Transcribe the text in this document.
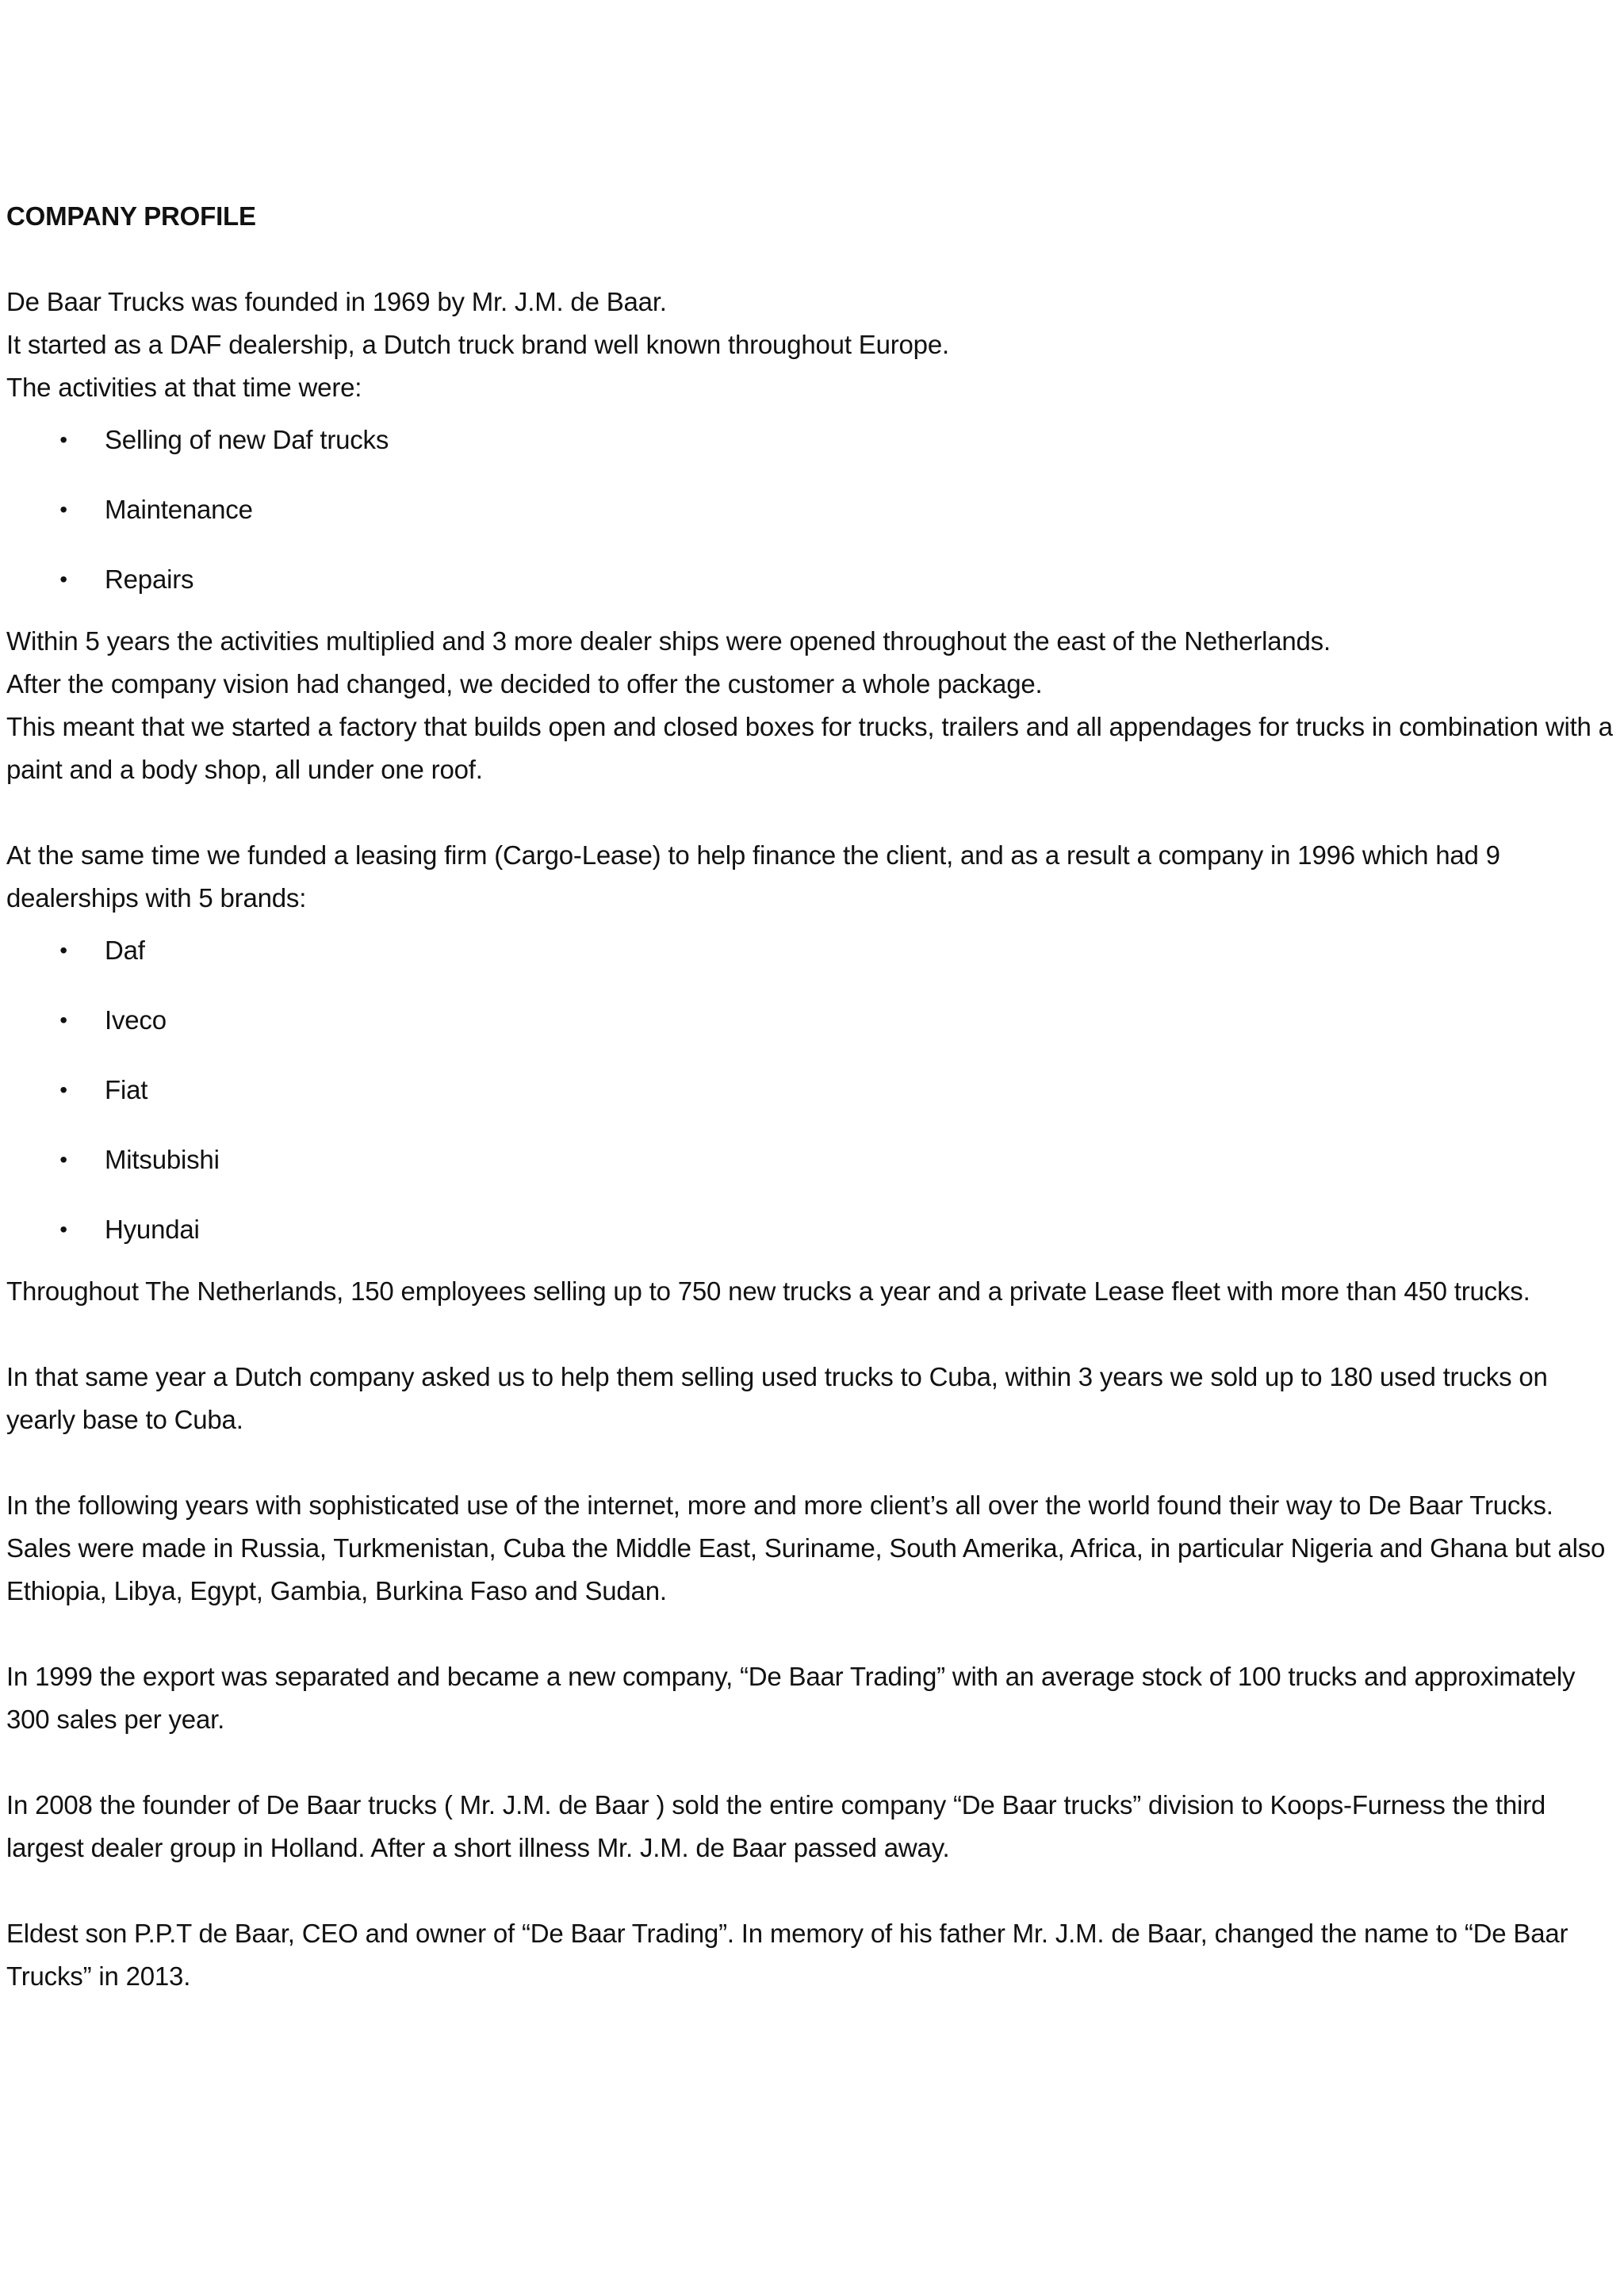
COMPANY PROFILE

De Baar Trucks was founded in 1969 by Mr. J.M. de Baar.

It started as a DAF dealership, a Dutch truck brand well known throughout Europe.

The activities at that time were:

• Selling of new Daf trucks
• Maintenance
• Repairs

Within 5 years the activities multiplied and 3 more dealer ships were opened throughout the east of the Netherlands.

After the company vision had changed, we decided to offer the customer a whole package.

This meant that we started a factory that builds open and closed boxes for trucks, trailers and all appendages for trucks in combination with a paint and a body shop, all under one roof.

At the same time we funded a leasing firm (Cargo-Lease) to help finance the client, and as a result a company in 1996 which had 9 dealerships with 5 brands:

• Daf
• Iveco
• Fiat
• Mitsubishi
• Hyundai

Throughout The Netherlands, 150 employees selling up to 750 new trucks a year and a private Lease fleet with more than 450 trucks.

In that same year a Dutch company asked us to help them selling used trucks to Cuba, within 3 years we sold up to 180 used trucks on yearly base to Cuba.

In the following years with sophisticated use of the internet, more and more client’s all over the world found their way to De Baar Trucks. Sales were made in Russia, Turkmenistan, Cuba the Middle East, Suriname, South Amerika, Africa, in particular Nigeria and Ghana but also Ethiopia, Libya, Egypt, Gambia, Burkina Faso and Sudan.

In 1999 the export was separated and became a new company, “De Baar Trading” with an average stock of 100 trucks and approximately 300 sales per year.

In 2008 the founder of De Baar trucks ( Mr. J.M. de Baar ) sold the entire company “De Baar trucks” division to Koops-Furness the third largest dealer group in Holland. After a short illness Mr. J.M. de Baar passed away.

Eldest son P.P.T de Baar, CEO and owner of “De Baar Trading”. In memory of his father Mr. J.M. de Baar, changed the name to “De Baar Trucks” in 2013.
